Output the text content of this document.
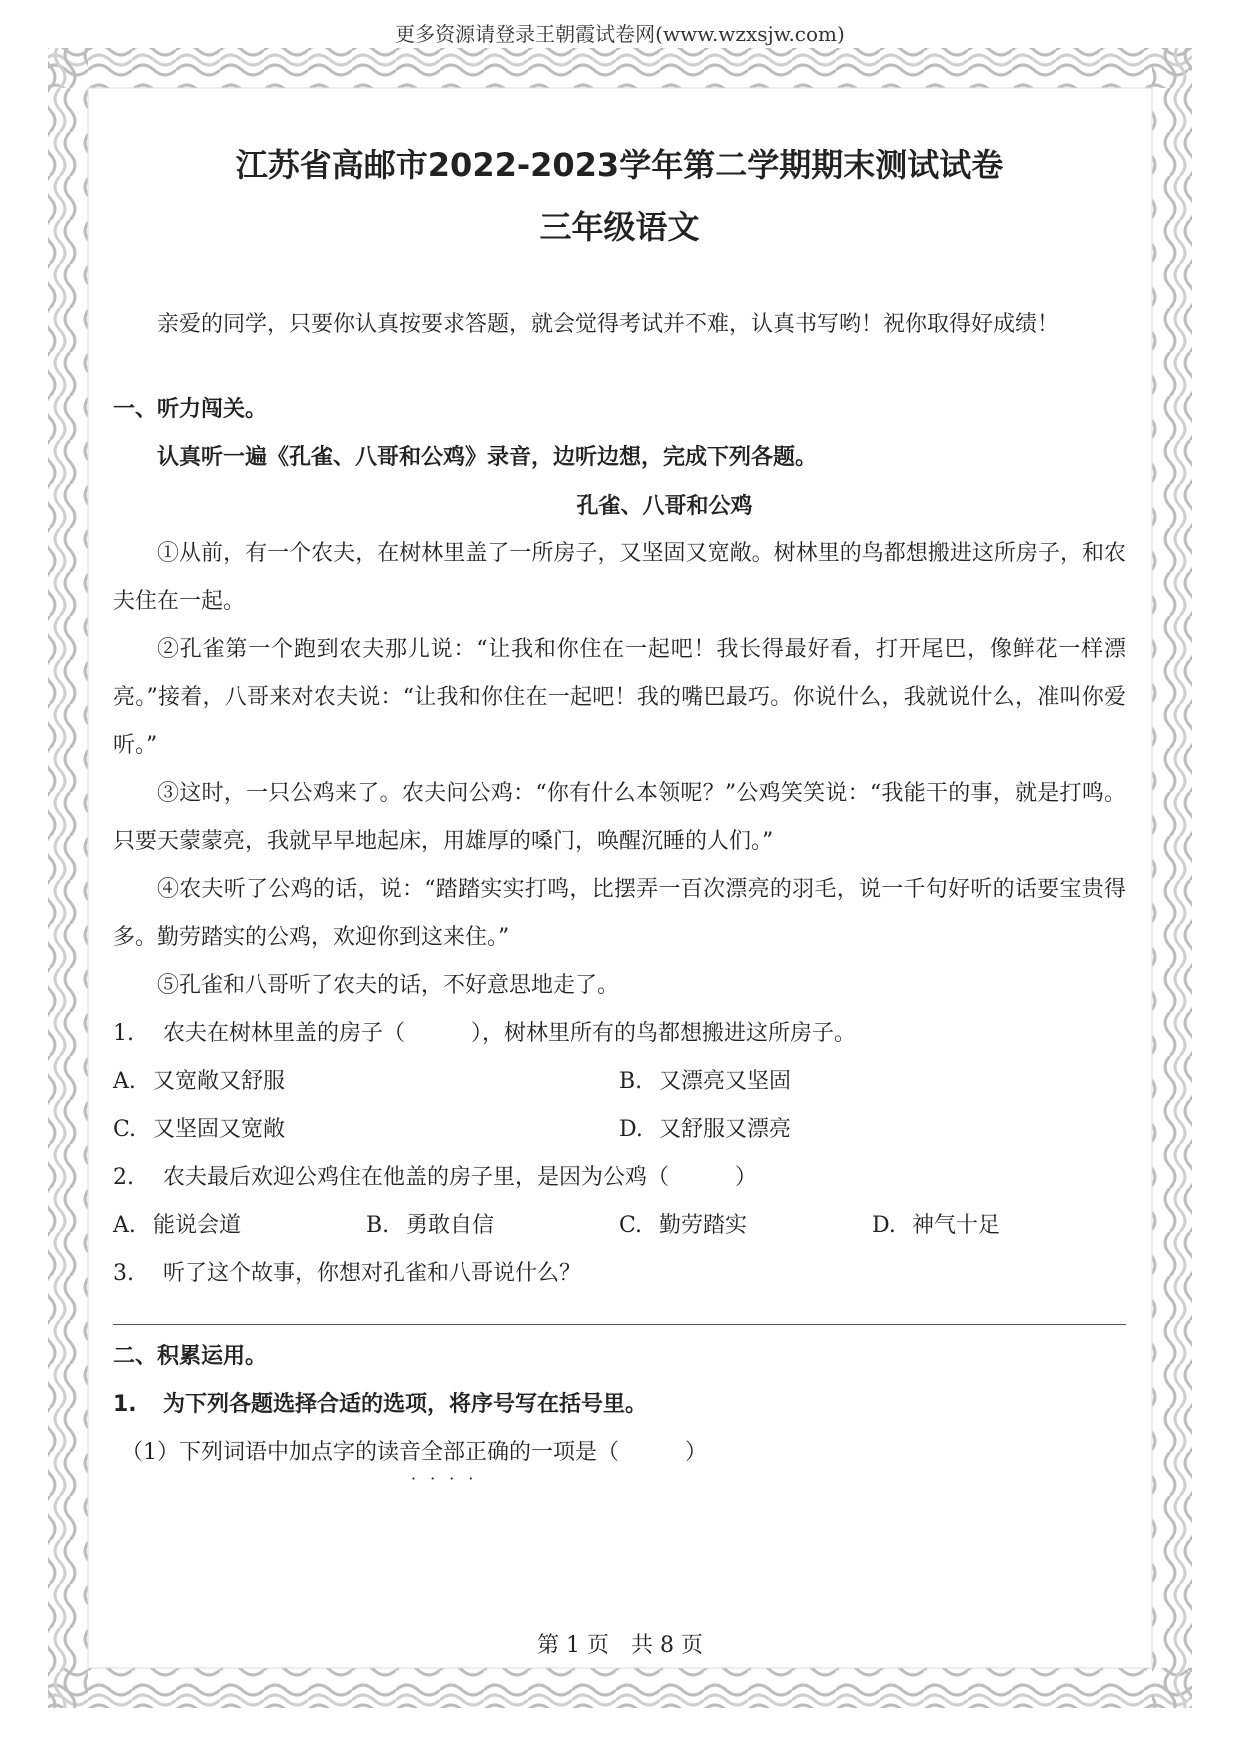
更多资源请登录王朝霞试卷网(www.wzxsjw.com)
江苏省高邮市2022-2023学年第二学期期末测试试卷
三年级语文

亲爱的同学，只要你认真按要求答题，就会觉得考试并不难，认真书写哟！祝你取得好成绩！

一、听力闯关。

认真听一遍《孔雀、八哥和公鸡》录音，边听边想，完成下列各题。

孔雀、八哥和公鸡

①从前，有一个农夫，在树林里盖了一所房子，又坚固又宽敞。树林里的鸟都想搬进这所房子，和农夫住在一起。

②孔雀第一个跑到农夫那儿说：“让我和你住在一起吧！我长得最好看，打开尾巴，像鲜花一样漂亮。”接着，八哥来对农夫说：“让我和你住在一起吧！我的嘴巴最巧。你说什么，我就说什么，准叫你爱听。”

③这时，一只公鸡来了。农夫问公鸡：“你有什么本领呢？”公鸡笑笑说：“我能干的事，就是打鸣。只要天蒙蒙亮，我就早早地起床，用雄厚的嗓门，唤醒沉睡的人们。”

④农夫听了公鸡的话，说：“踏踏实实打鸣，比摆弄一百次漂亮的羽毛，说一千句好听的话要宝贵得多。勤劳踏实的公鸡，欢迎你到这来住。”

⑤孔雀和八哥听了农夫的话，不好意思地走了。

1. 农夫在树林里盖的房子（　　　），树林里所有的鸟都想搬进这所房子。

A. 又宽敞又舒服	B. 又漂亮又坚固
C. 又坚固又宽敞	D. 又舒服又漂亮

2. 农夫最后欢迎公鸡住在他盖的房子里，是因为公鸡（　　　）

A. 能说会道	B. 勇敢自信	C. 勤劳踏实	D. 神气十足

3. 听了这个故事，你想对孔雀和八哥说什么？

二、积累运用。

1. 为下列各题选择合适的选项，将序号写在括号里。

（1）下列词语中加点字的读音全部正确的一项是（　　　）

····
第 1 页　共 8 页
